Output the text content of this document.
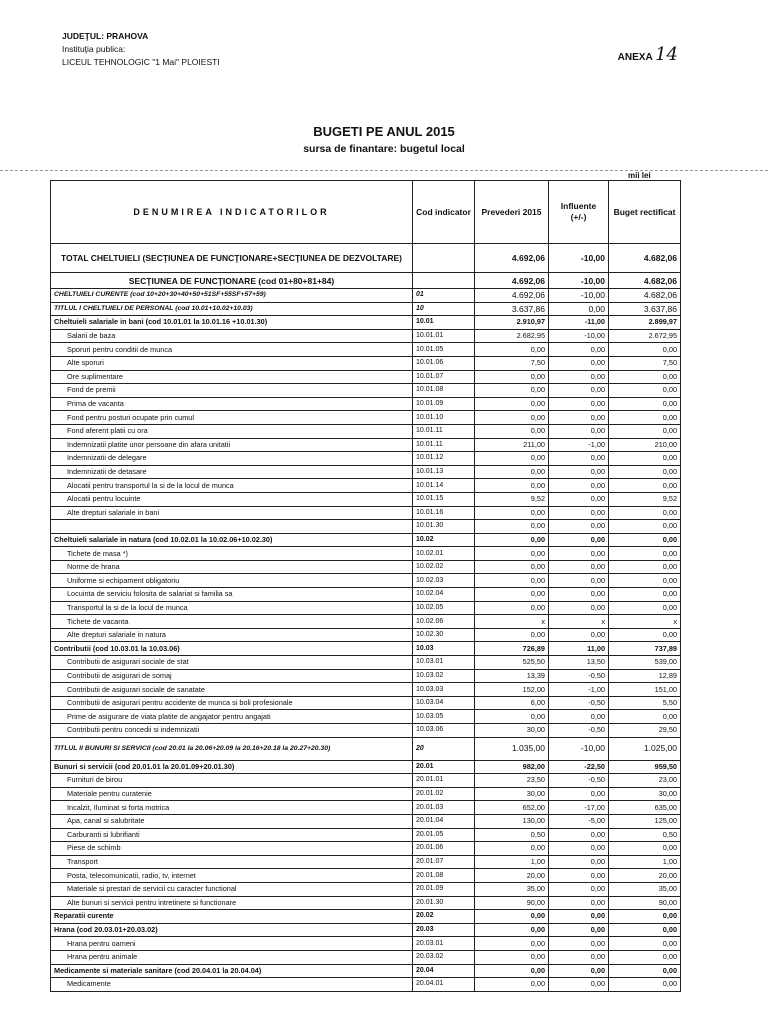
JUDEŢUL: PRAHOVA
Instituţia publica:
LICEUL TEHNOLOGIC "1 Mai" PLOIESTI	ANEXA 14
BUGETI PE ANUL 2015
sursa de finantare: bugetul local
mii lei
DENUMIREA INDICATORILOR	Cod indicator	Prevederi 2015	Influente (+/-)	Buget rectificat
TOTAL CHELTUIELI (SECŢIUNEA DE FUNCŢIONARE+SECŢIUNEA DE DEZVOLTARE)		4.692,06	-10,00	4.682,06
SECŢIUNEA DE FUNCŢIONARE (cod 01+80+81+84)		4.692,06	-10,00	4.682,06
CHELTUIELI CURENTE (cod 10+20+30+40+50+51SF+55SF+57+59)	01	4.692,06	-10,00	4.682,06
TITLUL I CHELTUIELI DE PERSONAL (cod 10.01+10.02+10.03)	10	3.637,86	0,00	3.637,86
Cheltuieli salariale in bani (cod 10.01.01 la 10.01.16 +10.01.30)	10.01	2.910,97	-11,00	2.899,97
Salarii de baza	10.01.01	2.682,95	-10,00	2.672,95
Sporuri pentru conditii de munca	10.01.05	0,00	0,00	0,00
Alte sporuri	10.01.06	7,50	0,00	7,50
Ore suplimentare	10.01.07	0,00	0,00	0,00
Fond de premii	10.01.08	0,00	0,00	0,00
Prima de vacanta	10.01.09	0,00	0,00	0,00
Fond pentru posturi ocupate prin cumul	10.01.10	0,00	0,00	0,00
Fond aferent platii cu ora	10.01.11	0,00	0,00	0,00
Indemnizatii platite unor persoane din afara unitatii	10.01.11	211,00	-1,00	210,00
Indemnizatii de delegare	10.01.12	0,00	0,00	0,00
Indemnizatii de detasare	10.01.13	0,00	0,00	0,00
Alocatii pentru transportul la si de la locul de munca	10.01.14	0,00	0,00	0,00
Alocatii pentru locuinte	10.01.15	9,52	0,00	9,52
Alte drepturi salariale in bani	10.01.16	0,00	0,00	0,00
	10.01.30	0,00	0,00	0,00
Cheltuieli salariale in natura (cod 10.02.01 la 10.02.06+10.02.30)	10.02	0,00	0,00	0,00
Tichete de masa *)	10.02.01	0,00	0,00	0,00
Norme de hrana	10.02.02	0,00	0,00	0,00
Uniforme si echipament obligatoriu	10.02.03	0,00	0,00	0,00
Locuinta de serviciu folosita de salariat si familia sa	10.02.04	0,00	0,00	0,00
Transportul la si de la locul de munca	10.02.05	0,00	0,00	0,00
Tichete de vacanta	10.02.06	x	x	x
Alte drepturi salariale in natura	10.02.30	0,00	0,00	0,00
Contributii (cod 10.03.01 la 10.03.06)	10.03	726,89	11,00	737,89
Contributii de asigurari sociale de stat	10.03.01	525,50	13,50	539,00
Contributii de asigurari de somaj	10.03.02	13,39	-0,50	12,89
Contributii de asigurari sociale de sanatate	10.03.03	152,00	-1,00	151,00
Contributii de asigurari pentru accidente de munca si boli profesionale	10.03.04	6,00	-0,50	5,50
Prime de asigurare de viata platite de angajator pentru angajati	10.03.05	0,00	0,00	0,00
Contributii pentru concedii si indemnizatii	10.03.06	30,00	-0,50	29,50
TITLUL II BUNURI SI SERVICII (cod 20.01 la 20.06+20.09 la 20.16+20.18 la 20.27+20.30)	20	1.035,00	-10,00	1.025,00
Bunuri si servicii (cod 20.01.01 la 20.01.09+20.01.30)	20.01	982,00	-22,50	959,50
Furnituri de birou	20.01.01	23,50	-0,50	23,00
Materiale pentru curatenie	20.01.02	30,00	0,00	30,00
Incalzit, Iluminat si forta motrica	20.01.03	652,00	-17,00	635,00
Apa, canal si salubritate	20.01.04	130,00	-5,00	125,00
Carburanti si lubrifianti	20.01.05	0,50	0,00	0,50
Piese de schimb	20.01.06	0,00	0,00	0,00
Transport	20.01.07	1,00	0,00	1,00
Posta, telecomunicatii, radio, tv, internet	20.01.08	20,00	0,00	20,00
Materiale si prestari de servicii cu caracter functional	20.01.09	35,00	0,00	35,00
Alte bunuri si servicii pentru intretinere si functionare	20.01.30	90,00	0,00	90,00
Reparatii curente	20.02	0,00	0,00	0,00
Hrana (cod 20.03.01+20.03.02)	20.03	0,00	0,00	0,00
Hrana pentru oameni	20.03.01	0,00	0,00	0,00
Hrana pentru animale	20.03.02	0,00	0,00	0,00
Medicamente si materiale sanitare (cod 20.04.01 la 20.04.04)	20.04	0,00	0,00	0,00
Medicamente	20.04.01	0,00	0,00	0,00
